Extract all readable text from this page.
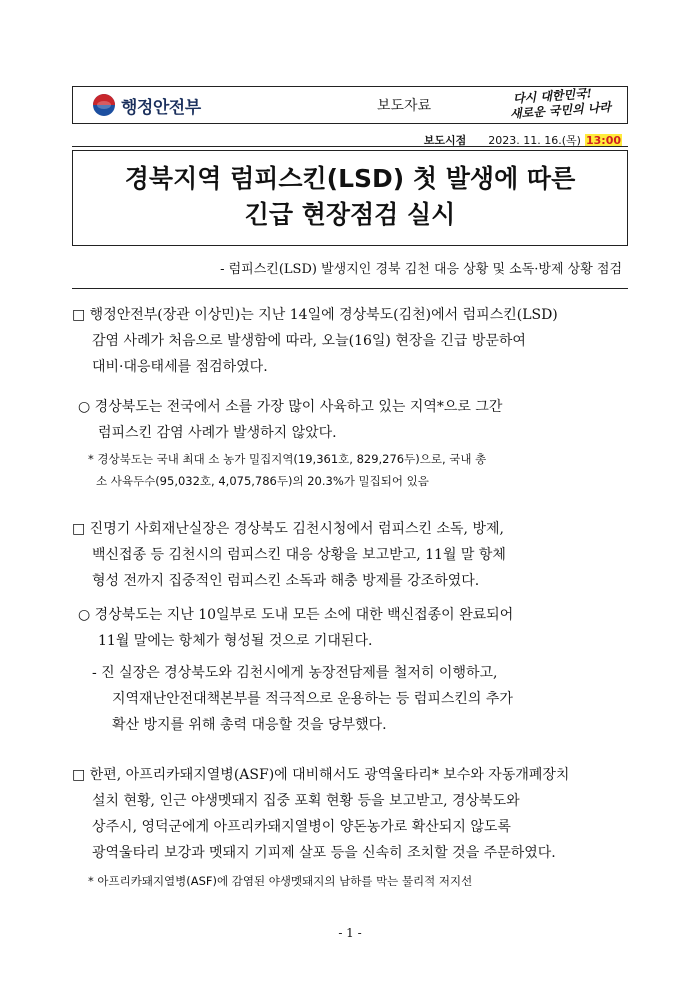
행정안전부	보도자료
다시 대한민국!
새로운 국민의 나라
보도시점 2023. 11. 16.(목) 13:00
경북지역 럼피스킨(LSD) 첫 발생에 따른
긴급 현장점검 실시
- 럼피스킨(LSD) 발생지인 경북 김천 대응 상황 및 소독·방제 상황 점검
□ 행정안전부(장관 이상민)는 지난 14일에 경상북도(김천)에서 럼피스킨(LSD)
감염 사례가 처음으로 발생함에 따라, 오늘(16일) 현장을 긴급 방문하여
대비·대응태세를 점검하였다.
○ 경상북도는 전국에서 소를 가장 많이 사육하고 있는 지역*으로 그간
럼피스킨 감염 사례가 발생하지 않았다.
* 경상북도는 국내 최대 소 농가 밀집지역(19,361호, 829,276두)으로, 국내 총
소 사육두수(95,032호, 4,075,786두)의 20.3%가 밀집되어 있음
□ 진명기 사회재난실장은 경상북도 김천시청에서 럼피스킨 소독, 방제,
백신접종 등 김천시의 럼피스킨 대응 상황을 보고받고, 11월 말 항체
형성 전까지 집중적인 럼피스킨 소독과 해충 방제를 강조하였다.
○ 경상북도는 지난 10일부로 도내 모든 소에 대한 백신접종이 완료되어
11월 말에는 항체가 형성될 것으로 기대된다.
- 진 실장은 경상북도와 김천시에게 농장전담제를 철저히 이행하고,
지역재난안전대책본부를 적극적으로 운용하는 등 럼피스킨의 추가
확산 방지를 위해 총력 대응할 것을 당부했다.
□ 한편, 아프리카돼지열병(ASF)에 대비해서도 광역울타리* 보수와 자동개폐장치
설치 현황, 인근 야생멧돼지 집중 포획 현황 등을 보고받고, 경상북도와
상주시, 영덕군에게 아프리카돼지열병이 양돈농가로 확산되지 않도록
광역울타리 보강과 멧돼지 기피제 살포 등을 신속히 조치할 것을 주문하였다.
* 아프리카돼지열병(ASF)에 감염된 야생멧돼지의 남하를 막는 물리적 저지선
- 1 -
